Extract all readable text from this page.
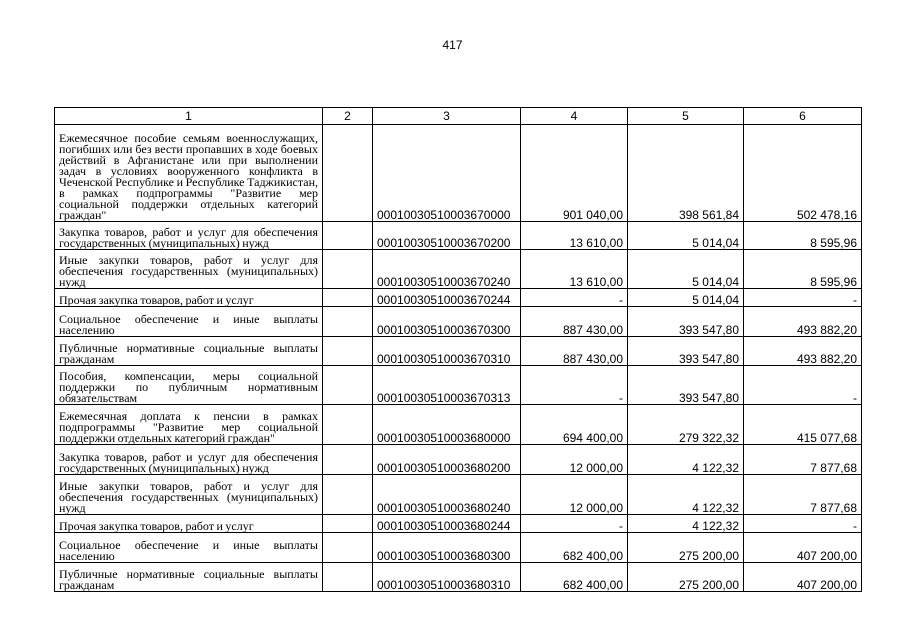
417
1	2	3	4	5	6
Ежемесячное пособие семьям военнослужащих, погибших или без вести пропавших в ходе боевых действий в Афганистане или при выполнении задач в условиях вооруженного конфликта в Чеченской Республике и Республике Таджикистан, в рамках подпрограммы "Развитие мер социальной поддержки отдельных категорий граждан"		00010030510003670000	901 040,00	398 561,84	502 478,16
Закупка товаров, работ и услуг для обеспечения государственных (муниципальных) нужд		00010030510003670200	13 610,00	5 014,04	8 595,96
Иные закупки товаров, работ и услуг для обеспечения государственных (муниципальных) нужд		00010030510003670240	13 610,00	5 014,04	8 595,96
Прочая закупка товаров, работ и услуг		00010030510003670244	-	5 014,04	-
Социальное обеспечение и иные выплаты населению		00010030510003670300	887 430,00	393 547,80	493 882,20
Публичные нормативные социальные выплаты гражданам		00010030510003670310	887 430,00	393 547,80	493 882,20
Пособия, компенсации, меры социальной поддержки по публичным нормативным обязательствам		00010030510003670313	-	393 547,80	-
Ежемесячная доплата к пенсии в рамках подпрограммы "Развитие мер социальной поддержки отдельных категорий граждан"		00010030510003680000	694 400,00	279 322,32	415 077,68
Закупка товаров, работ и услуг для обеспечения государственных (муниципальных) нужд		00010030510003680200	12 000,00	4 122,32	7 877,68
Иные закупки товаров, работ и услуг для обеспечения государственных (муниципальных) нужд		00010030510003680240	12 000,00	4 122,32	7 877,68
Прочая закупка товаров, работ и услуг		00010030510003680244	-	4 122,32	-
Социальное обеспечение и иные выплаты населению		00010030510003680300	682 400,00	275 200,00	407 200,00
Публичные нормативные социальные выплаты гражданам		00010030510003680310	682 400,00	275 200,00	407 200,00
